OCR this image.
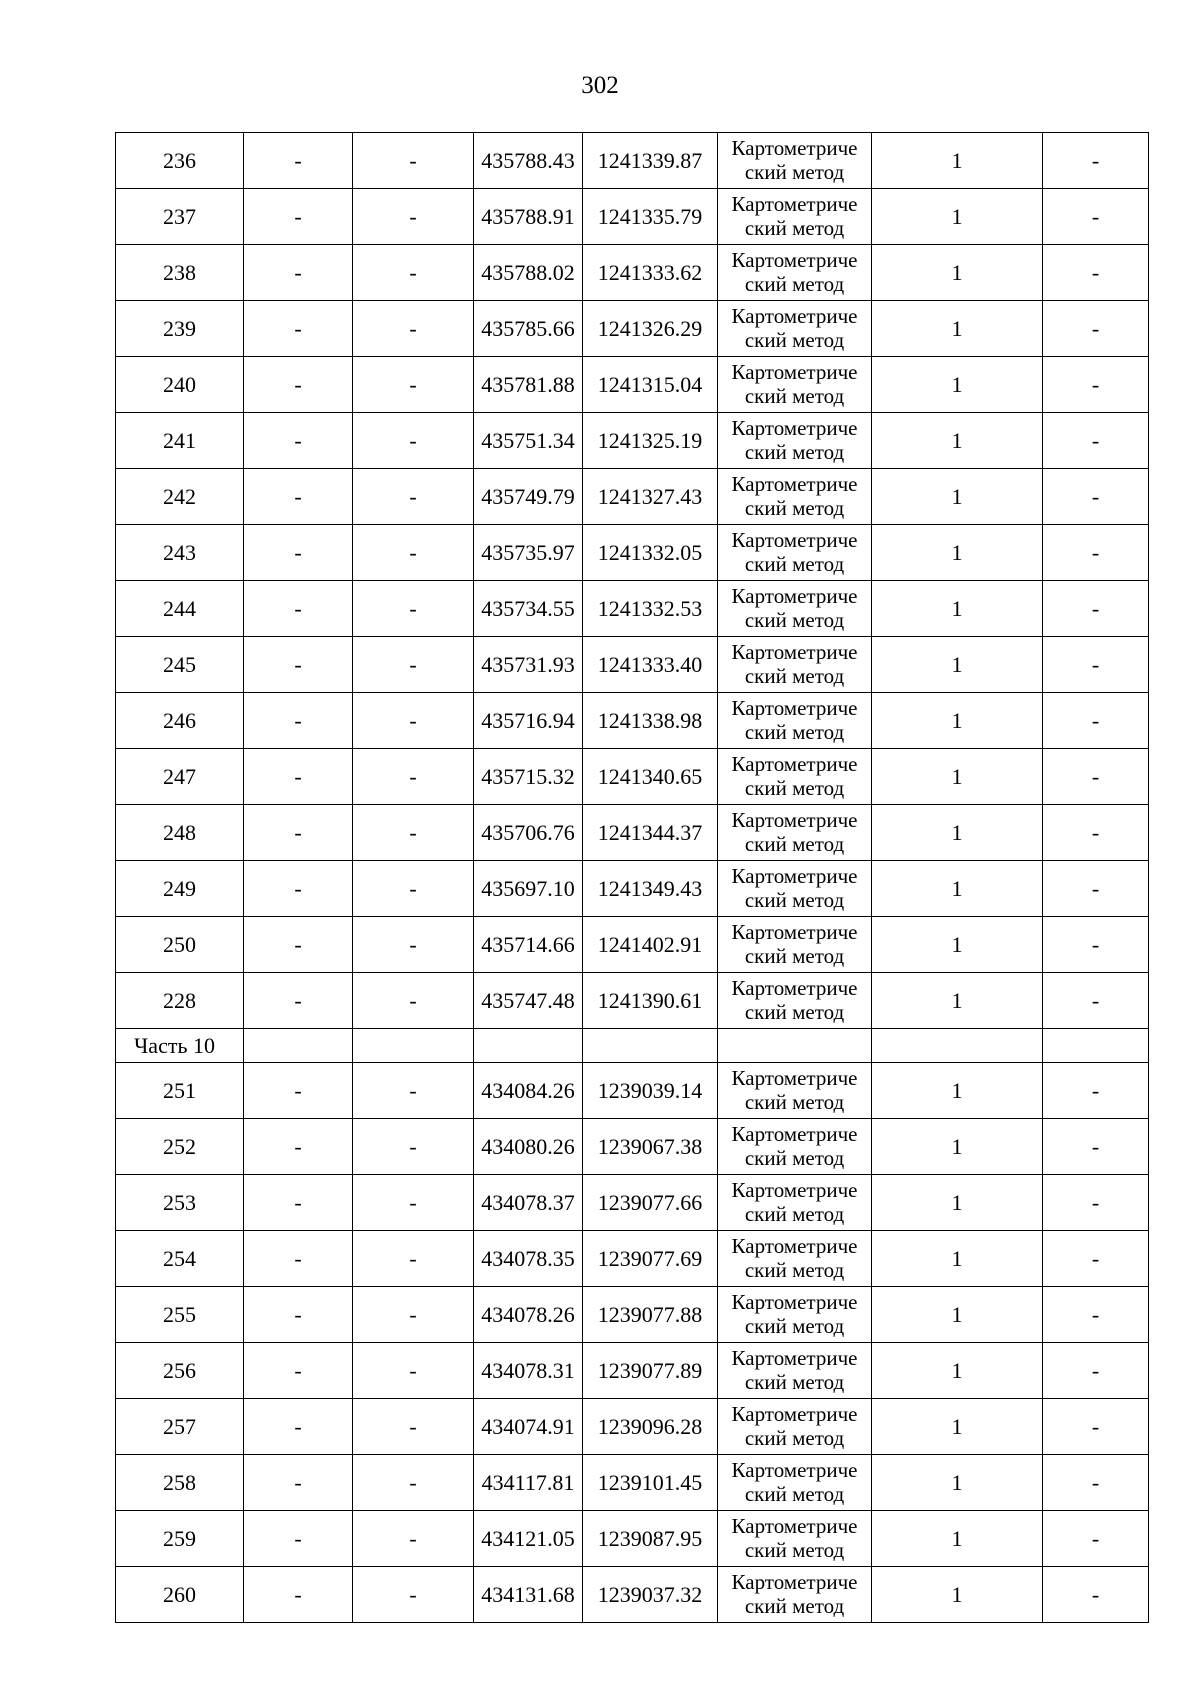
302
236	-	-	435788.43	1241339.87	Картометриче ский метод	1	-
237	-	-	435788.91	1241335.79	Картометриче ский метод	1	-
238	-	-	435788.02	1241333.62	Картометриче ский метод	1	-
239	-	-	435785.66	1241326.29	Картометриче ский метод	1	-
240	-	-	435781.88	1241315.04	Картометриче ский метод	1	-
241	-	-	435751.34	1241325.19	Картометриче ский метод	1	-
242	-	-	435749.79	1241327.43	Картометриче ский метод	1	-
243	-	-	435735.97	1241332.05	Картометриче ский метод	1	-
244	-	-	435734.55	1241332.53	Картометриче ский метод	1	-
245	-	-	435731.93	1241333.40	Картометриче ский метод	1	-
246	-	-	435716.94	1241338.98	Картометриче ский метод	1	-
247	-	-	435715.32	1241340.65	Картометриче ский метод	1	-
248	-	-	435706.76	1241344.37	Картометриче ский метод	1	-
249	-	-	435697.10	1241349.43	Картометриче ский метод	1	-
250	-	-	435714.66	1241402.91	Картометриче ский метод	1	-
228	-	-	435747.48	1241390.61	Картометриче ский метод	1	-
Часть 10							
251	-	-	434084.26	1239039.14	Картометриче ский метод	1	-
252	-	-	434080.26	1239067.38	Картометриче ский метод	1	-
253	-	-	434078.37	1239077.66	Картометриче ский метод	1	-
254	-	-	434078.35	1239077.69	Картометриче ский метод	1	-
255	-	-	434078.26	1239077.88	Картометриче ский метод	1	-
256	-	-	434078.31	1239077.89	Картометриче ский метод	1	-
257	-	-	434074.91	1239096.28	Картометриче ский метод	1	-
258	-	-	434117.81	1239101.45	Картометриче ский метод	1	-
259	-	-	434121.05	1239087.95	Картометриче ский метод	1	-
260	-	-	434131.68	1239037.32	Картометриче ский метод	1	-
